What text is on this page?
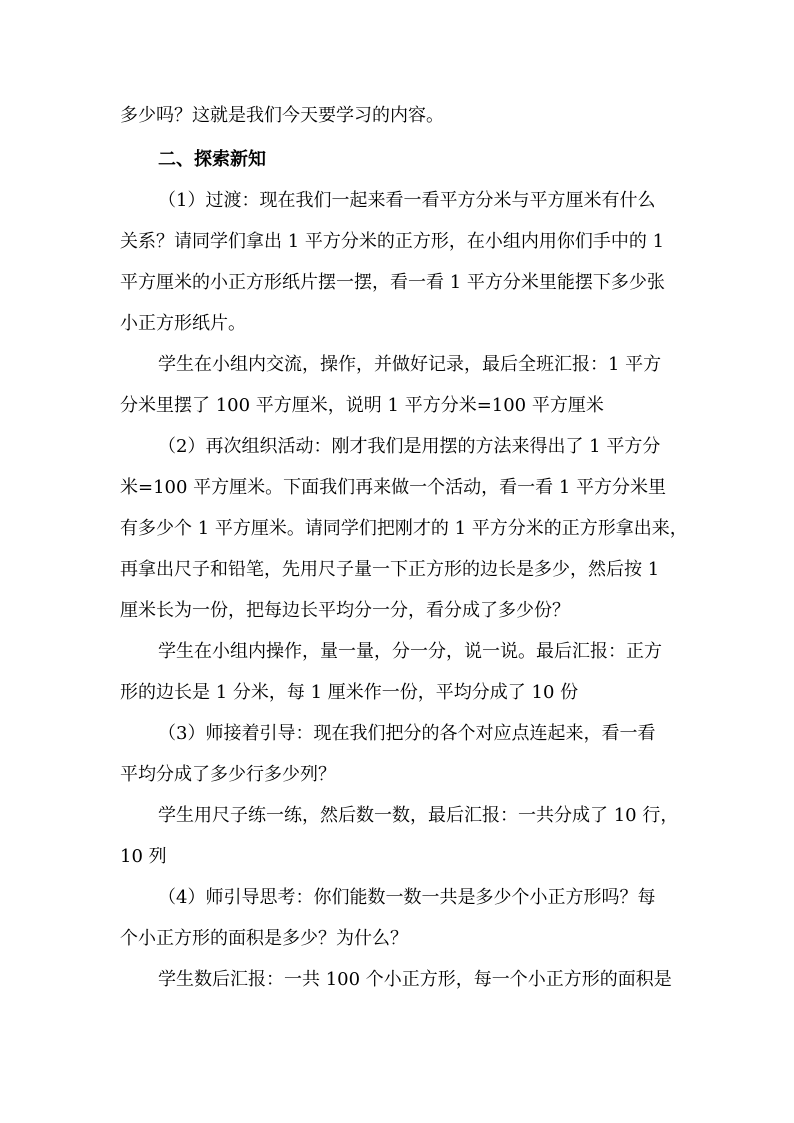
多少吗？这就是我们今天要学习的内容。
二、探索新知
（1）过渡：现在我们一起来看一看平方分米与平方厘米有什么
关系？请同学们拿出 1 平方分米的正方形，在小组内用你们手中的 1
平方厘米的小正方形纸片摆一摆，看一看 1 平方分米里能摆下多少张
小正方形纸片。
学生在小组内交流，操作，并做好记录，最后全班汇报：1 平方
分米里摆了 100 平方厘米，说明 1 平方分米=100 平方厘米
（2）再次组织活动：刚才我们是用摆的方法来得出了 1 平方分
米=100 平方厘米。下面我们再来做一个活动，看一看 1 平方分米里
有多少个 1 平方厘米。请同学们把刚才的 1 平方分米的正方形拿出来，
再拿出尺子和铅笔，先用尺子量一下正方形的边长是多少，然后按 1
厘米长为一份，把每边长平均分一分，看分成了多少份？
学生在小组内操作，量一量，分一分，说一说。最后汇报：正方
形的边长是 1 分米，每 1 厘米作一份，平均分成了 10 份
（3）师接着引导：现在我们把分的各个对应点连起来，看一看
平均分成了多少行多少列？
学生用尺子练一练，然后数一数，最后汇报：一共分成了 10 行，
10 列
（4）师引导思考：你们能数一数一共是多少个小正方形吗？每
个小正方形的面积是多少？为什么？
学生数后汇报：一共 100 个小正方形，每一个小正方形的面积是
